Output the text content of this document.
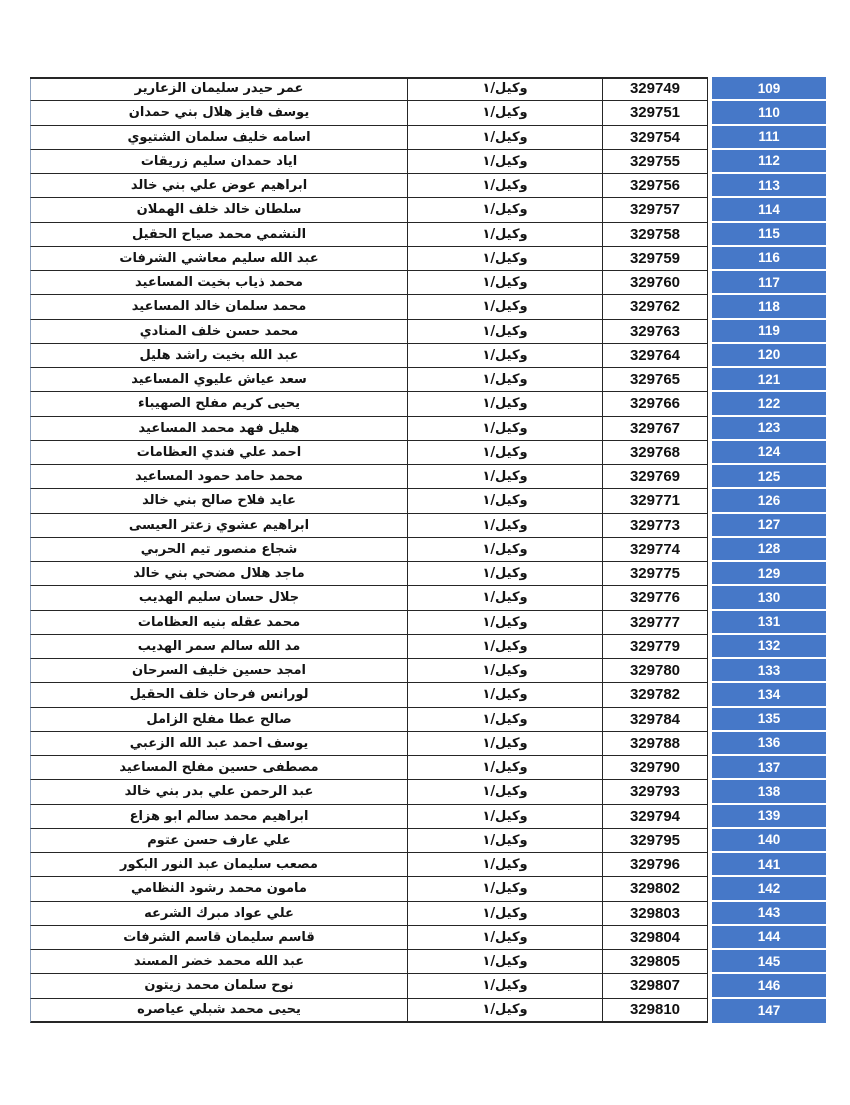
عمر حيدر سليمان الزعارير	وكيل/١	329749	109
يوسف فايز هلال بني حمدان	وكيل/١	329751	110
اسامه خليف سلمان الشتيوي	وكيل/١	329754	111
اياد حمدان سليم زريقات	وكيل/١	329755	112
ابراهيم عوض علي بني خالد	وكيل/١	329756	113
سلطان خالد خلف الهملان	وكيل/١	329757	114
النشمي محمد صياح الحقيل	وكيل/١	329758	115
عبد الله سليم معاشي الشرفات	وكيل/١	329759	116
محمد ذياب بخيت المساعيد	وكيل/١	329760	117
محمد سلمان خالد المساعيد	وكيل/١	329762	118
محمد حسن خلف المنادي	وكيل/١	329763	119
عبد الله بخيت راشد هليل	وكيل/١	329764	120
سعد عياش عليوي المساعيد	وكيل/١	329765	121
يحيى كريم مفلح الصهيباء	وكيل/١	329766	122
هليل فهد محمد المساعيد	وكيل/١	329767	123
احمد علي فندي العظامات	وكيل/١	329768	124
محمد حامد حمود المساعيد	وكيل/١	329769	125
عايد فلاح صالح بني خالد	وكيل/١	329771	126
ابراهيم عشوي زعتر العيسى	وكيل/١	329773	127
شجاع منصور تيم الحربي	وكيل/١	329774	128
ماجد هلال مضحي بني خالد	وكيل/١	329775	129
جلال حسان سليم الهديب	وكيل/١	329776	130
محمد عقله بنيه العظامات	وكيل/١	329777	131
مد الله سالم سمر الهديب	وكيل/١	329779	132
امجد حسين خليف السرحان	وكيل/١	329780	133
لورانس فرحان خلف الحقيل	وكيل/١	329782	134
صالح عطا مفلح الزامل	وكيل/١	329784	135
يوسف احمد عبد الله الزعبي	وكيل/١	329788	136
مصطفى حسين مفلح المساعيد	وكيل/١	329790	137
عبد الرحمن علي بدر بني خالد	وكيل/١	329793	138
ابراهيم محمد سالم ابو هزاع	وكيل/١	329794	139
علي عارف حسن عتوم	وكيل/١	329795	140
مصعب سليمان عبد النور البكور	وكيل/١	329796	141
مامون محمد رشود النظامي	وكيل/١	329802	142
علي عواد مبرك الشرعه	وكيل/١	329803	143
قاسم سليمان قاسم الشرفات	وكيل/١	329804	144
عبد الله محمد خضر المسند	وكيل/١	329805	145
نوح سلمان محمد زيتون	وكيل/١	329807	146
يحيى محمد شبلي عياصره	وكيل/١	329810	147
